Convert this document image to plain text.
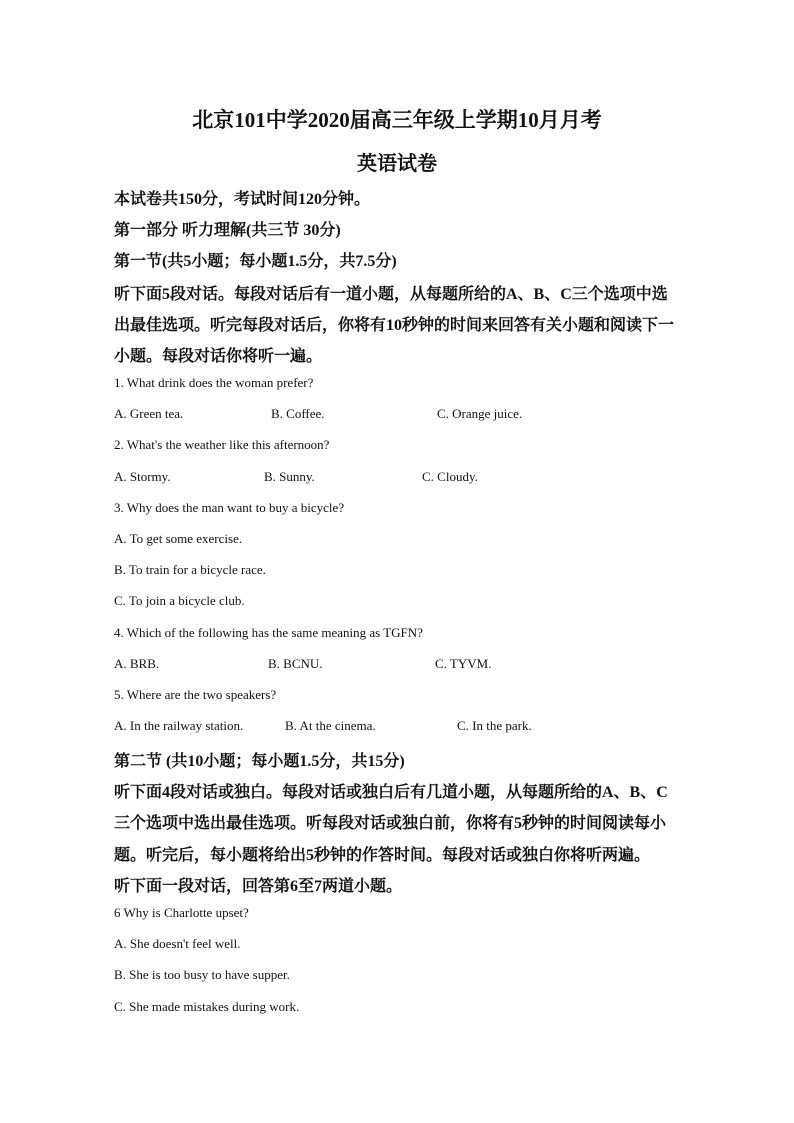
北京101中学2020届高三年级上学期10月月考
英语试卷
本试卷共150分，考试时间120分钟。
第一部分 听力理解(共三节 30分)
第一节(共5小题；每小题1.5分，共7.5分)
听下面5段对话。每段对话后有一道小题，从每题所给的A、B、C三个选项中选
出最佳选项。听完每段对话后，你将有10秒钟的时间来回答有关小题和阅读下一
小题。每段对话你将听一遍。
1. What drink does the woman prefer?
A. Green tea.	B. Coffee.	C. Orange juice.
2. What's the weather like this afternoon?
A. Stormy.	B. Sunny.	C. Cloudy.
3. Why does the man want to buy a bicycle?
A. To get some exercise.
B. To train for a bicycle race.
C. To join a bicycle club.
4. Which of the following has the same meaning as TGFN?
A. BRB.	B. BCNU.	C. TYVM.
5. Where are the two speakers?
A. In the railway station.	B. At the cinema.	C. In the park.
第二节 (共10小题；每小题1.5分，共15分)
听下面4段对话或独白。每段对话或独白后有几道小题，从每题所给的A、B、C
三个选项中选出最佳选项。听每段对话或独白前，你将有5秒钟的时间阅读每小
题。听完后，每小题将给出5秒钟的作答时间。每段对话或独白你将听两遍。
听下面一段对话，回答第6至7两道小题。
6 Why is Charlotte upset?
A. She doesn't feel well.
B. She is too busy to have supper.
C. She made mistakes during work.
